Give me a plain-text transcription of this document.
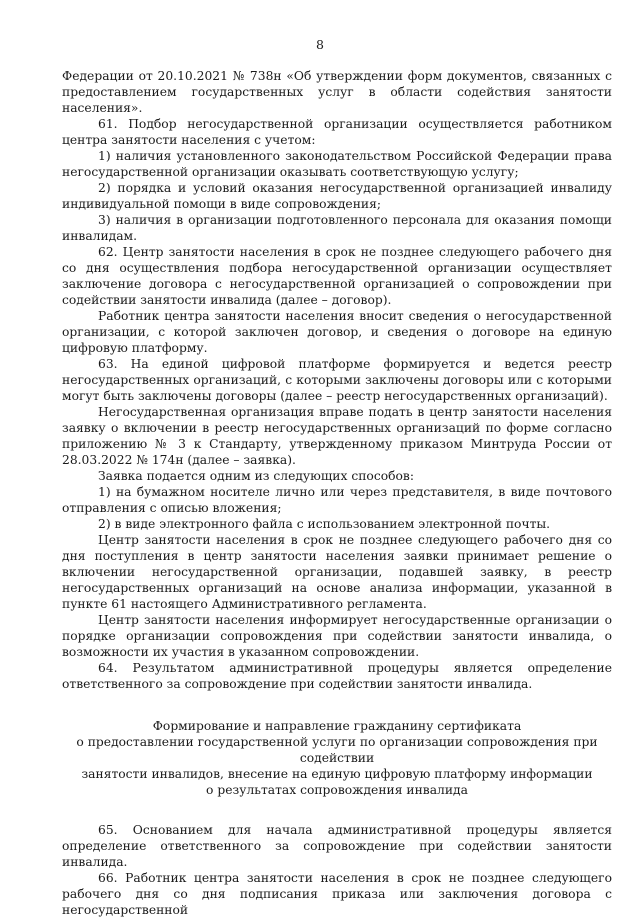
8

Федерации от 20.10.2021 № 738н «Об утверждении форм документов, связанных с предоставлением государственных услуг в области содействия занятости населения».

61. Подбор негосударственной организации осуществляется работником центра занятости населения с учетом:

1) наличия установленного законодательством Российской Федерации права негосударственной организации оказывать соответствующую услугу;

2) порядка и условий оказания негосударственной организацией инвалиду индивидуальной помощи в виде сопровождения;

3) наличия в организации подготовленного персонала для оказания помощи инвалидам.

62. Центр занятости населения в срок не позднее следующего рабочего дня со дня осуществления подбора негосударственной организации осуществляет заключение договора с негосударственной организацией о сопровождении при содействии занятости инвалида (далее – договор).

Работник центра занятости населения вносит сведения о негосударственной организации, с которой заключен договор, и сведения о договоре на единую цифровую платформу.

63. На единой цифровой платформе формируется и ведется реестр негосударственных организаций, с которыми заключены договоры или с которыми могут быть заключены договоры (далее – реестр негосударственных организаций).

Негосударственная организация вправе подать в центр занятости населения заявку о включении в реестр негосударственных организаций по форме согласно приложению № 3 к Стандарту, утвержденному приказом Минтруда России от 28.03.2022 № 174н (далее – заявка).

Заявка подается одним из следующих способов:

1) на бумажном носителе лично или через представителя, в виде почтового отправления с описью вложения;

2) в виде электронного файла с использованием электронной почты.

Центр занятости населения в срок не позднее следующего рабочего дня со дня поступления в центр занятости населения заявки принимает решение о включении негосударственной организации, подавшей заявку, в реестр негосударственных организаций на основе анализа информации, указанной в пункте 61 настоящего Административного регламента.

Центр занятости населения информирует негосударственные организации о порядке организации сопровождения при содействии занятости инвалида, о возможности их участия в указанном сопровождении.

64. Результатом административной процедуры является определение ответственного за сопровождение при содействии занятости инвалида.

Формирование и направление гражданину сертификата
о предоставлении государственной услуги по организации сопровождения при содействии
занятости инвалидов, внесение на единую цифровую платформу информации
о результатах сопровождения инвалида

65. Основанием для начала административной процедуры является определение ответственного за сопровождение при содействии занятости инвалида.

66. Работник центра занятости населения в срок не позднее следующего рабочего дня со дня подписания приказа или заключения договора с негосударственной
